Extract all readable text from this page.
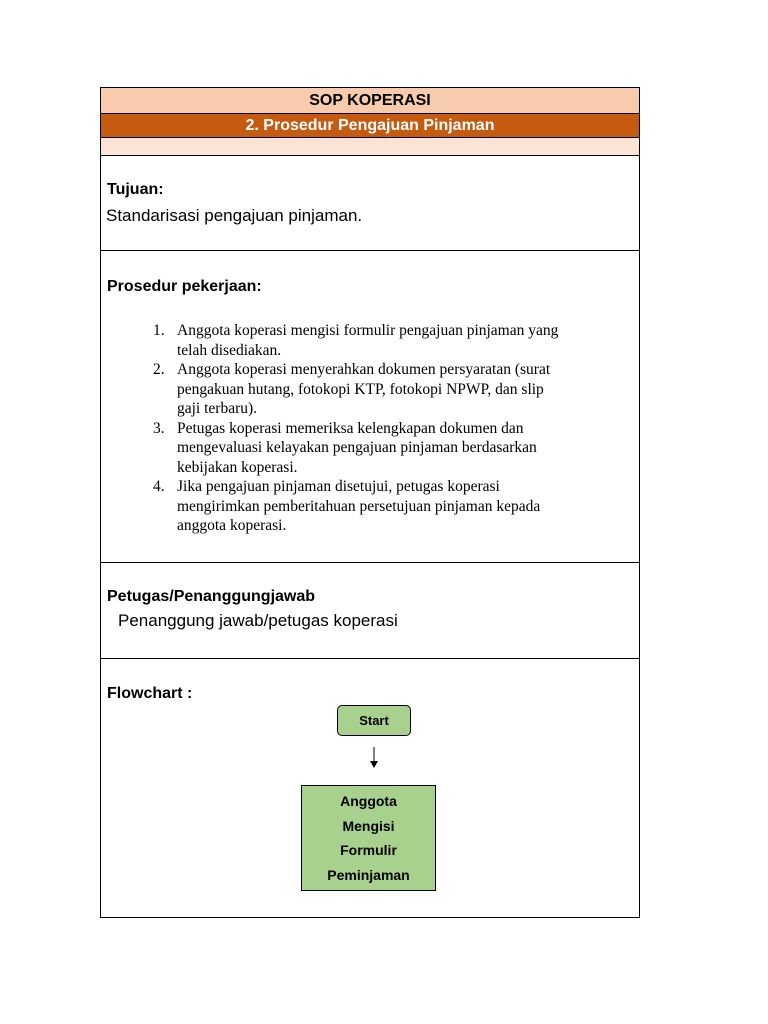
SOP KOPERASI
2. Prosedur Pengajuan Pinjaman
Tujuan:
Standarisasi pengajuan pinjaman.
Prosedur pekerjaan:
1. Anggota koperasi mengisi formulir pengajuan pinjaman yang
telah disediakan.
2. Anggota koperasi menyerahkan dokumen persyaratan (surat
pengakuan hutang, fotokopi KTP, fotokopi NPWP, dan slip
gaji terbaru).
3. Petugas koperasi memeriksa kelengkapan dokumen dan
mengevaluasi kelayakan pengajuan pinjaman berdasarkan
kebijakan koperasi.
4. Jika pengajuan pinjaman disetujui, petugas koperasi
mengirimkan pemberitahuan persetujuan pinjaman kepada
anggota koperasi.
Petugas/Penanggungjawab
Penanggung jawab/petugas koperasi
Flowchart :
Start
Anggota
Mengisi
Formulir
Peminjaman
